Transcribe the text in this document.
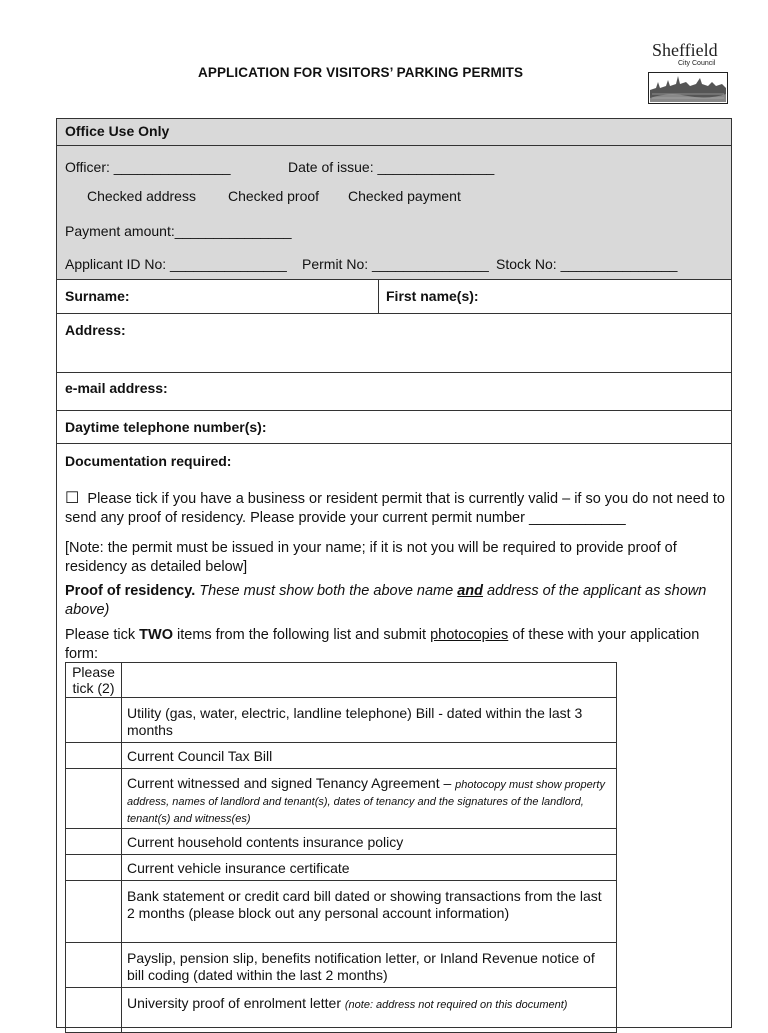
APPLICATION FOR VISITORS’ PARKING PERMITS
Sheffield
City Council
Office Use Only
Officer: _______________	Date of issue: _______________
Checked address Checked proof Checked payment
Payment amount:_______________
Applicant ID No: _______________ Permit No: _______________ Stock No: _______________
Surname:	First name(s):
Address:
e-mail address:
Daytime telephone number(s):
Documentation required:
☐ Please tick if you have a business or resident permit that is currently valid – if so you do not need to send any proof of residency. Please provide your current permit number ____________
[Note: the permit must be issued in your name; if it is not you will be required to provide proof of residency as detailed below]
Proof of residency. These must show both the above name and address of the applicant as shown above)
Please tick TWO items from the following list and submit photocopies of these with your application form:
Please tick (2)	
	Utility (gas, water, electric, landline telephone) Bill - dated within the last 3 months
	Current Council Tax Bill
	Current witnessed and signed Tenancy Agreement – photocopy must show property address, names of landlord and tenant(s), dates of tenancy and the signatures of the landlord, tenant(s) and witness(es)
	Current household contents insurance policy
	Current vehicle insurance certificate
	Bank statement or credit card bill dated or showing transactions from the last 2 months (please block out any personal account information)
	Payslip, pension slip, benefits notification letter, or Inland Revenue notice of bill coding (dated within the last 2 months)
	University proof of enrolment letter (note: address not required on this document)
